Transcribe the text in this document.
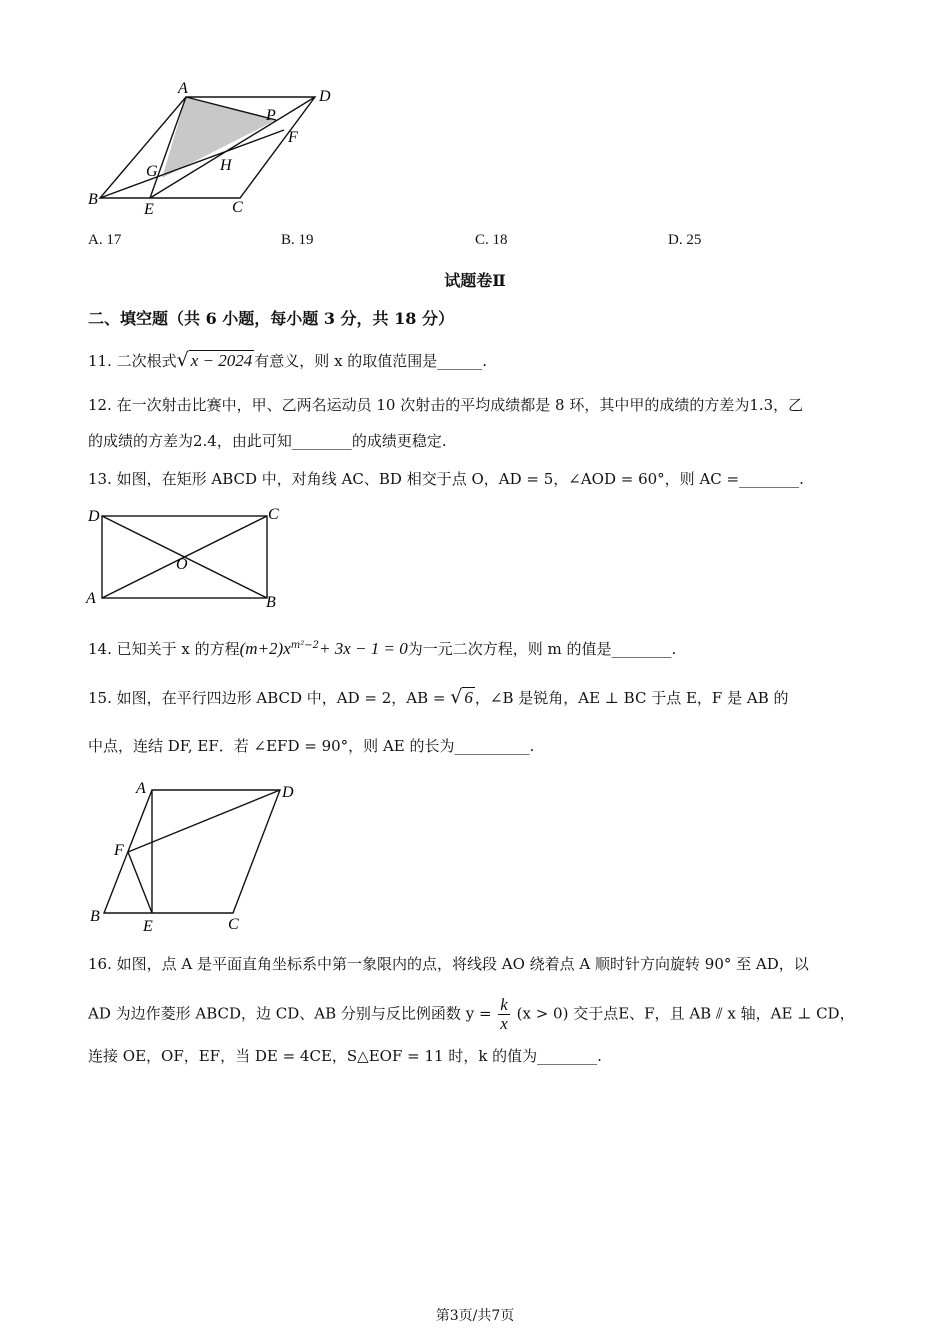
A	D
P
F
G	H
B
E	C
A. 17	B. 19	C. 18	D. 25
试题卷Ⅱ
二、填空题（共 6 小题，每小题 3 分，共 18 分）
11. 二次根式√ x − 2024 有意义，则 x 的取值范围是______.
12. 在一次射击比赛中，甲、乙两名运动员 10 次射击的平均成绩都是 8 环，其中甲的成绩的方差为1.3，乙
的成绩的方差为2.4，由此可知________的成绩更稳定.
13. 如图，在矩形 ABCD 中，对角线 AC、BD 相交于点 O，AD = 5，∠AOD = 60°，则 AC =________.
D	C
O
A	B
14. 已知关于 x 的方程$(m+2)x^{m^2-2}+ 3x - 1 = 0$为一元二次方程，则 m 的值是________.
15. 如图，在平行四边形 ABCD 中，AD = 2，AB = √ 6 ，∠B 是锐角，AE ⊥ BC 于点 E，F 是 AB 的
中点，连结 DF, EF．若 ∠EFD = 90°，则 AE 的长为__________.
A	D
F
B
E	C
16. 如图，点 A 是平面直角坐标系中第一象限内的点，将线段 AO 绕着点 A 顺时针方向旋转 90° 至 AD，以
AD 为边作菱形 ABCD，边 CD、AB 分别与反比例函数 $y = \frac{k}{x} (x > 0)$ 交于点E、F，且 AB ⫽ x 轴，AE ⊥ CD，
连接 OE，OF，EF，当 DE = 4CE，S△EOF = 11 时，k 的值为________.
第3页/共7页
